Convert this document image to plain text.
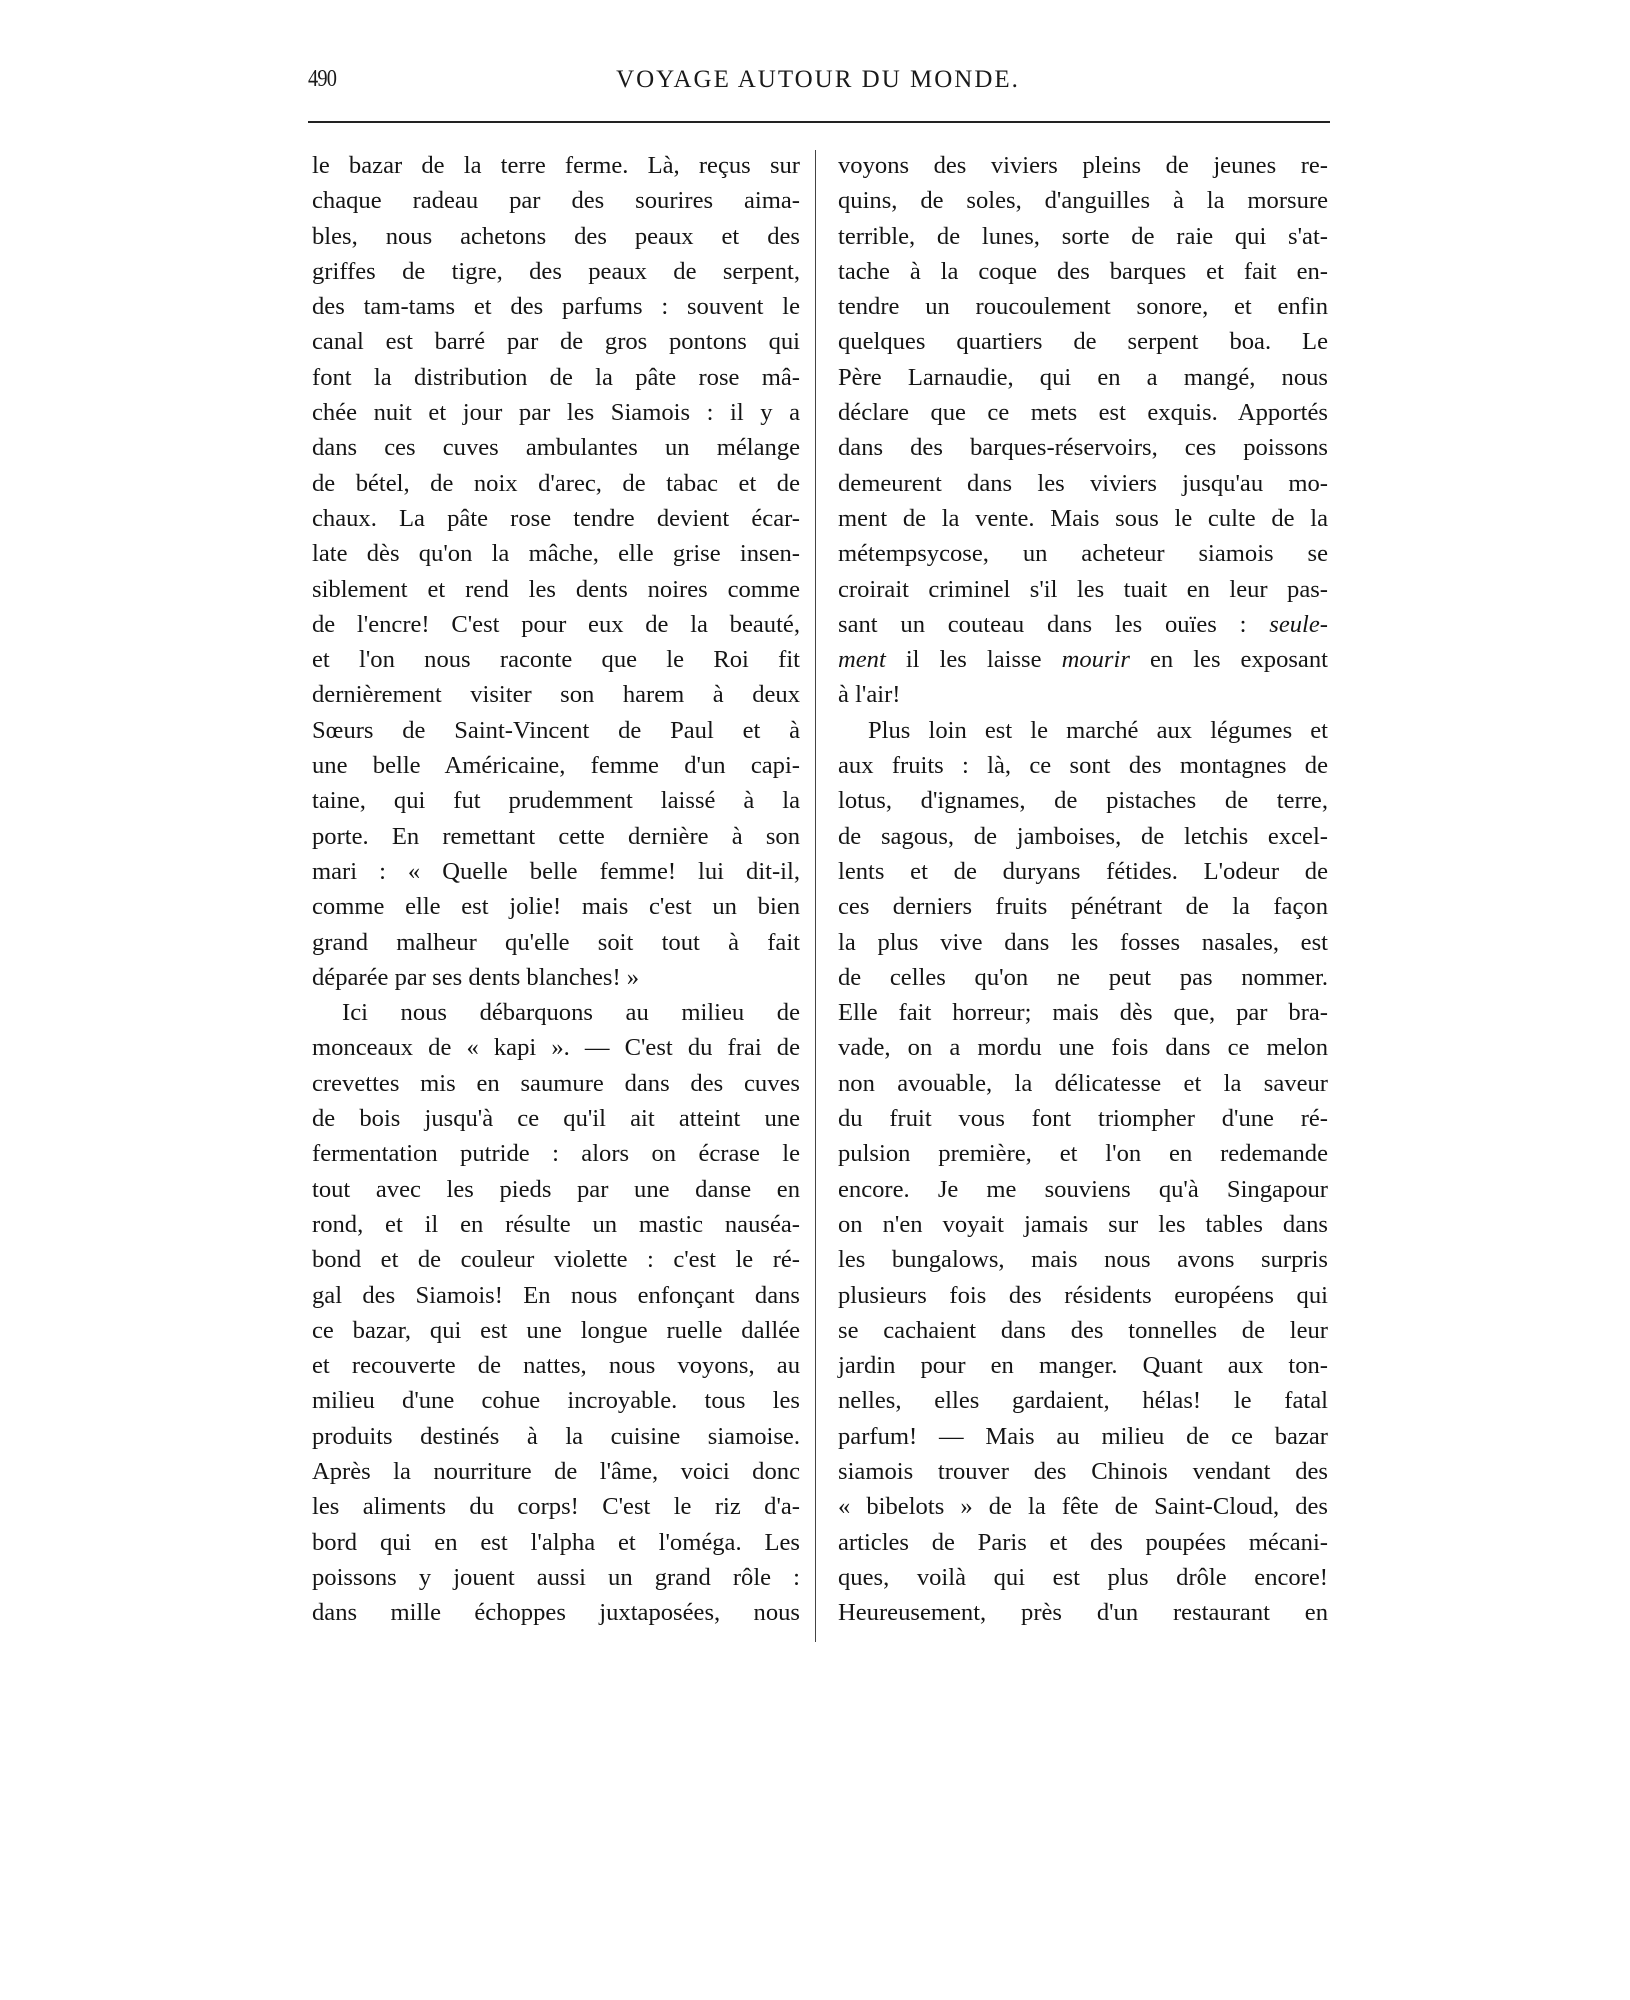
490	VOYAGE AUTOUR DU MONDE.
le bazar de la terre ferme. Là, reçus sur
chaque radeau par des sourires aima-
bles, nous achetons des peaux et des
griffes de tigre, des peaux de serpent,
des tam-tams et des parfums : souvent le
canal est barré par de gros pontons qui
font la distribution de la pâte rose mâ-
chée nuit et jour par les Siamois : il y a
dans ces cuves ambulantes un mélange
de bétel, de noix d'arec, de tabac et de
chaux. La pâte rose tendre devient écar-
late dès qu'on la mâche, elle grise insen-
siblement et rend les dents noires comme
de l'encre! C'est pour eux de la beauté,
et l'on nous raconte que le Roi fit
dernièrement visiter son harem à deux
Sœurs de Saint-Vincent de Paul et à
une belle Américaine, femme d'un capi-
taine, qui fut prudemment laissé à la
porte. En remettant cette dernière à son
mari : « Quelle belle femme! lui dit-il,
comme elle est jolie! mais c'est un bien
grand malheur qu'elle soit tout à fait
déparée par ses dents blanches! »
Ici nous débarquons au milieu de
monceaux de « kapi ». — C'est du frai de
crevettes mis en saumure dans des cuves
de bois jusqu'à ce qu'il ait atteint une
fermentation putride : alors on écrase le
tout avec les pieds par une danse en
rond, et il en résulte un mastic nauséa-
bond et de couleur violette : c'est le ré-
gal des Siamois! En nous enfonçant dans
ce bazar, qui est une longue ruelle dallée
et recouverte de nattes, nous voyons, au
milieu d'une cohue incroyable. tous les
produits destinés à la cuisine siamoise.
Après la nourriture de l'âme, voici donc
les aliments du corps! C'est le riz d'a-
bord qui en est l'alpha et l'oméga. Les
poissons y jouent aussi un grand rôle :
dans mille échoppes juxtaposées, nous
voyons des viviers pleins de jeunes re-
quins, de soles, d'anguilles à la morsure
terrible, de lunes, sorte de raie qui s'at-
tache à la coque des barques et fait en-
tendre un roucoulement sonore, et enfin
quelques quartiers de serpent boa. Le
Père Larnaudie, qui en a mangé, nous
déclare que ce mets est exquis. Apportés
dans des barques-réservoirs, ces poissons
demeurent dans les viviers jusqu'au mo-
ment de la vente. Mais sous le culte de la
métempsycose, un acheteur siamois se
croirait criminel s'il les tuait en leur pas-
sant un couteau dans les ouïes : seule-
ment il les laisse mourir en les exposant
à l'air!
Plus loin est le marché aux légumes et
aux fruits : là, ce sont des montagnes de
lotus, d'ignames, de pistaches de terre,
de sagous, de jamboises, de letchis excel-
lents et de duryans fétides. L'odeur de
ces derniers fruits pénétrant de la façon
la plus vive dans les fosses nasales, est
de celles qu'on ne peut pas nommer.
Elle fait horreur; mais dès que, par bra-
vade, on a mordu une fois dans ce melon
non avouable, la délicatesse et la saveur
du fruit vous font triompher d'une ré-
pulsion première, et l'on en redemande
encore. Je me souviens qu'à Singapour
on n'en voyait jamais sur les tables dans
les bungalows, mais nous avons surpris
plusieurs fois des résidents européens qui
se cachaient dans des tonnelles de leur
jardin pour en manger. Quant aux ton-
nelles, elles gardaient, hélas! le fatal
parfum! — Mais au milieu de ce bazar
siamois trouver des Chinois vendant des
« bibelots » de la fête de Saint-Cloud, des
articles de Paris et des poupées mécani-
ques, voilà qui est plus drôle encore!
Heureusement, près d'un restaurant en
